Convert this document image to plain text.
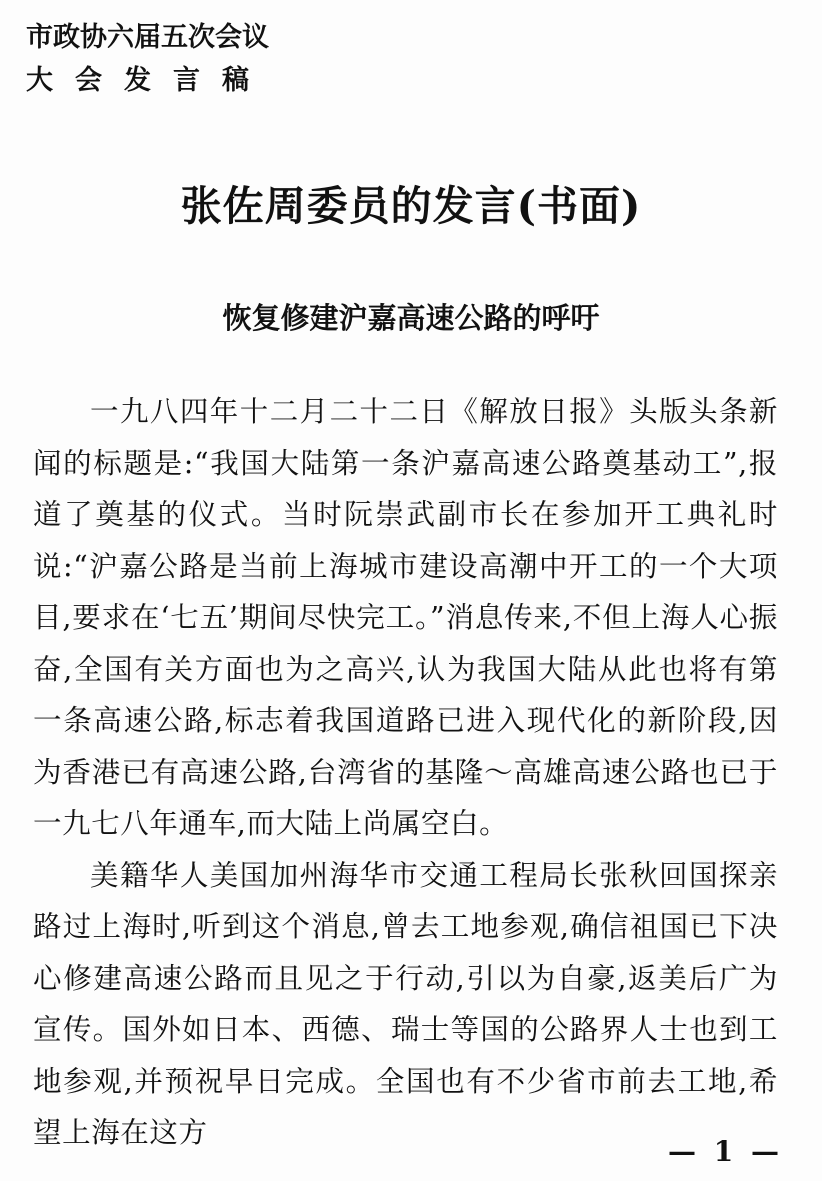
市政协六届五次会议
大会发言稿
张佐周委员的发言(书面)
恢复修建沪嘉高速公路的呼吁

一九八四年十二月二十二日《解放日报》头版头条新闻的标题是:“我国大陆第一条沪嘉高速公路奠基动工”,报道了奠基的仪式。当时阮崇武副市长在参加开工典礼时说:“沪嘉公路是当前上海城市建设高潮中开工的一个大项目,要求在‘七五’期间尽快完工。”消息传来,不但上海人心振奋,全国有关方面也为之高兴,认为我国大陆从此也将有第一条高速公路,标志着我国道路已进入现代化的新阶段,因为香港已有高速公路,台湾省的基隆～高雄高速公路也已于一九七八年通车,而大陆上尚属空白。

美籍华人美国加州海华市交通工程局长张秋回国探亲路过上海时,听到这个消息,曾去工地参观,确信祖国已下决心修建高速公路而且见之于行动,引以为自豪,返美后广为宣传。国外如日本、西德、瑞士等国的公路界人士也到工地参观,并预祝早日完成。全国也有不少省市前去工地,希望上海在这方

— 1 —
